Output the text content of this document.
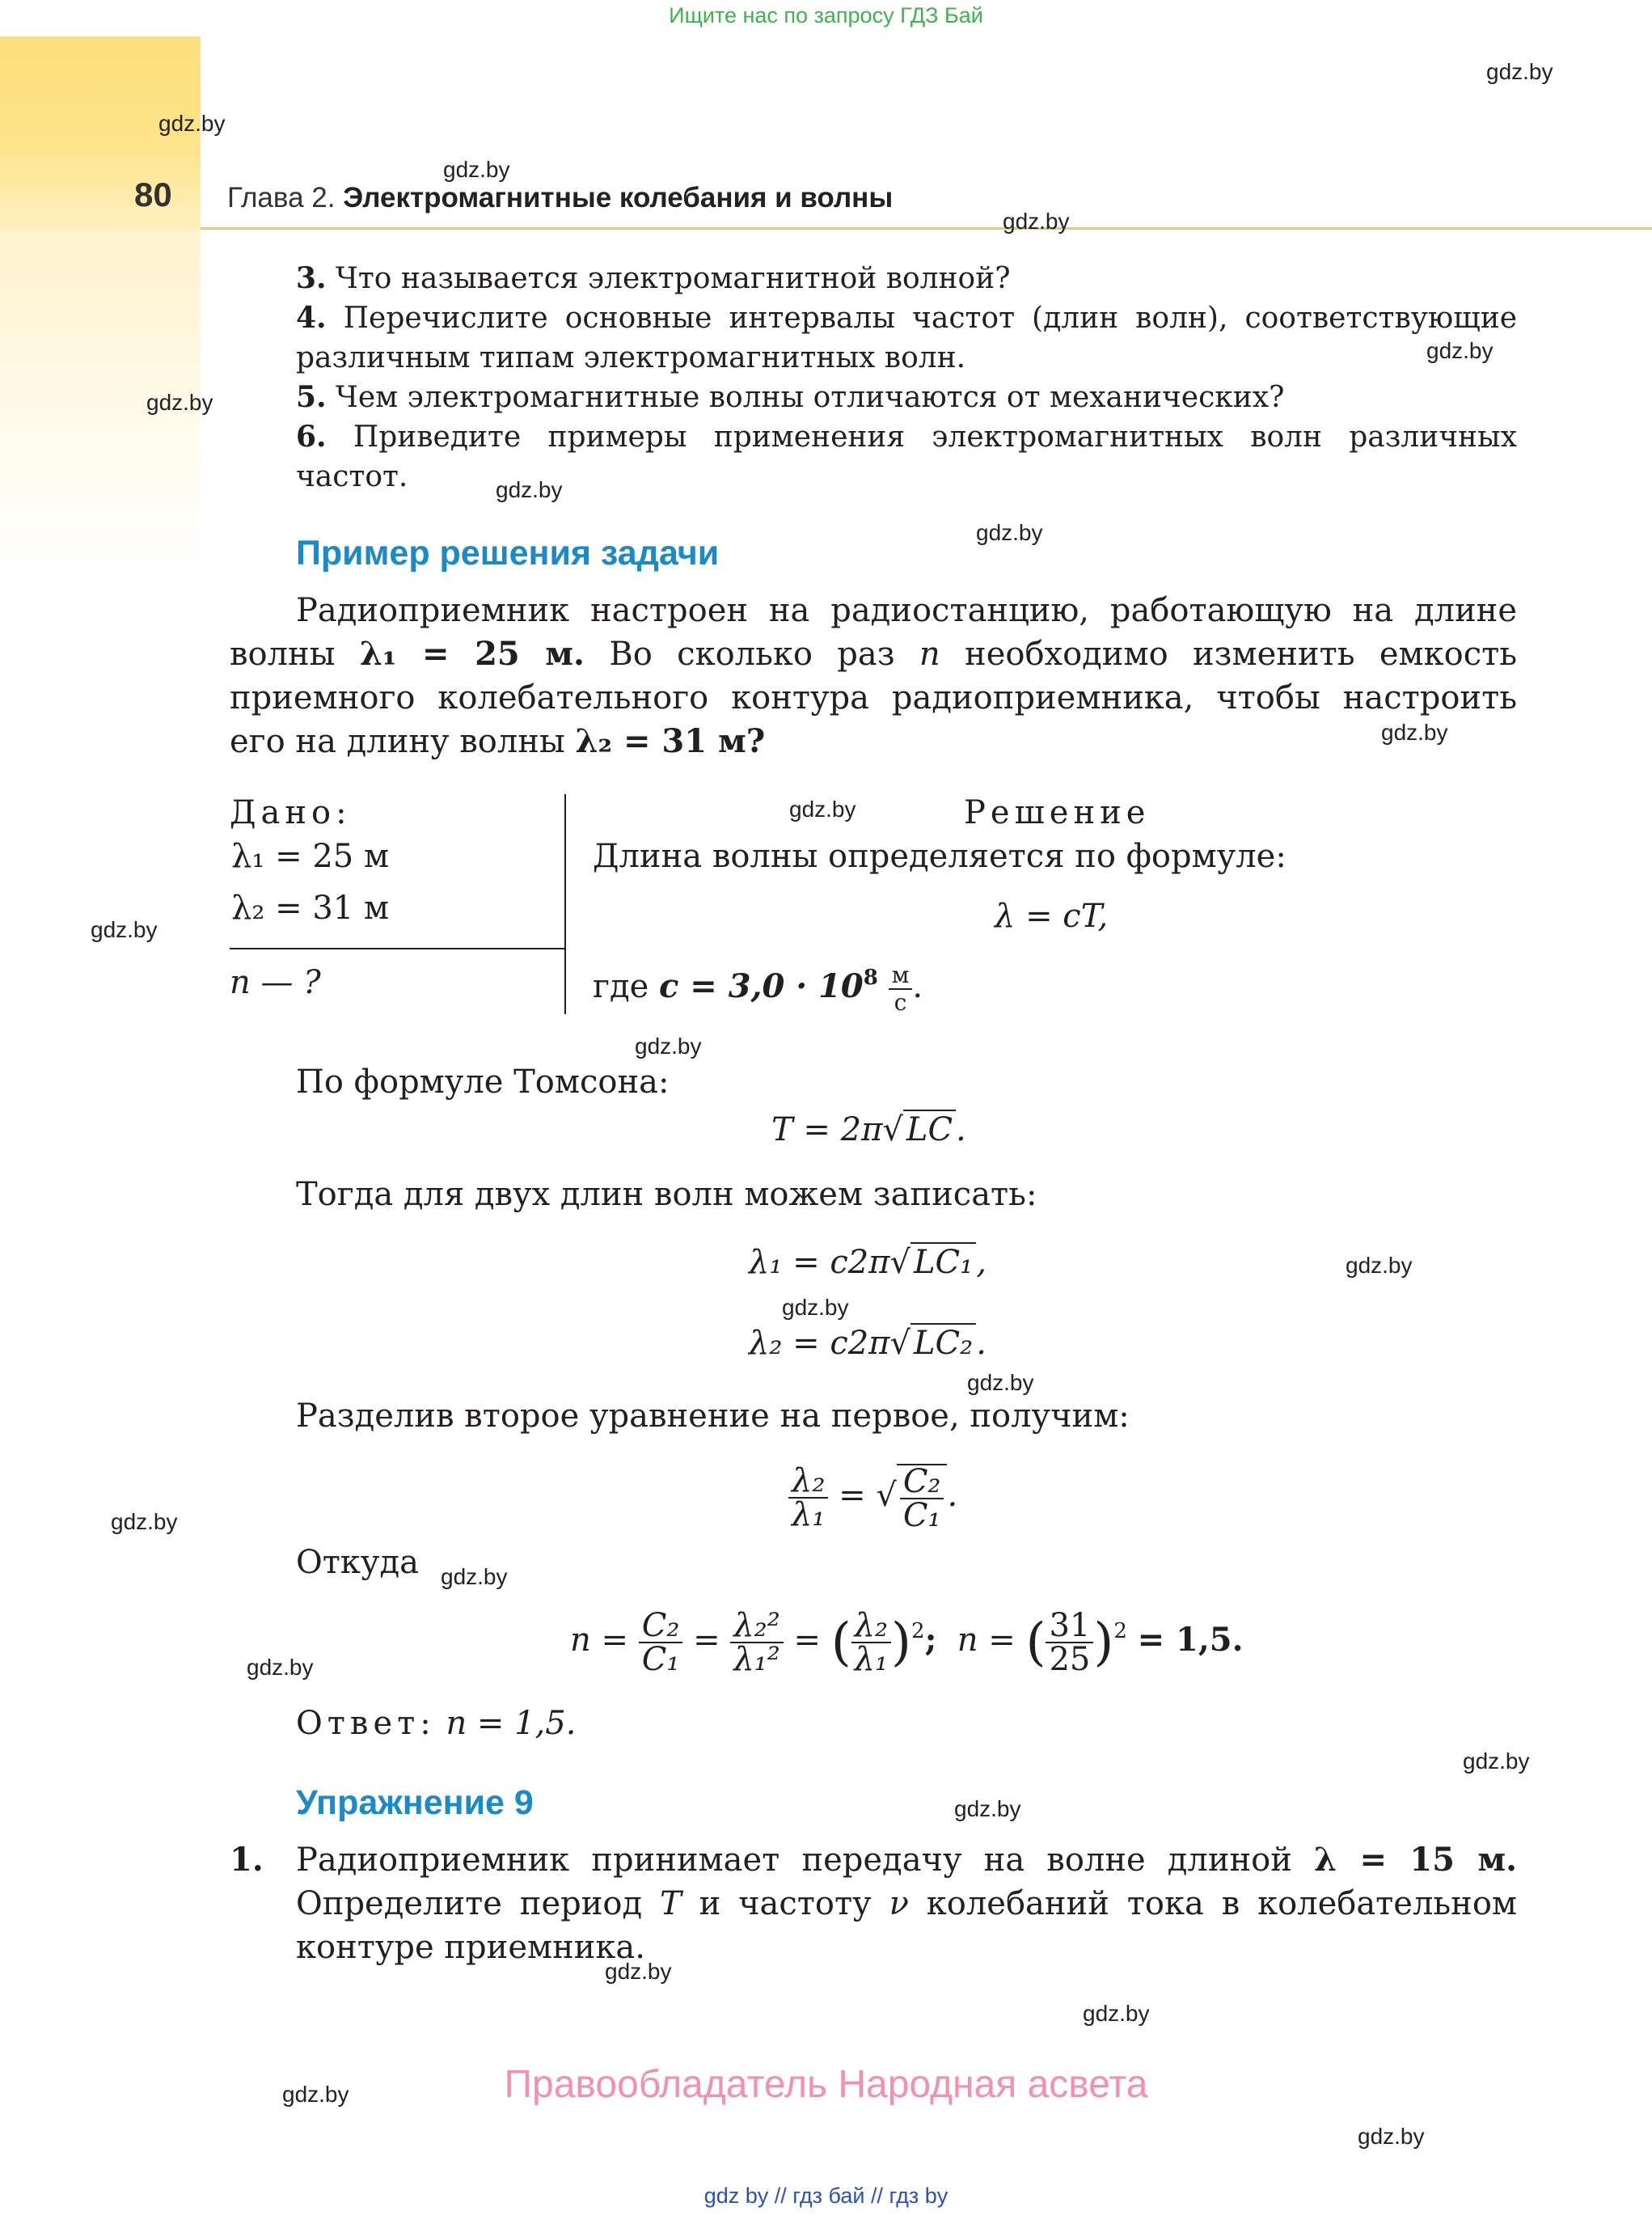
Ищите нас по запросу ГДЗ Бай
80 Глава 2. Электромагнитные колебания и волны
gdz.by
gdz.by
gdz.by
gdz.by
gdz.by
gdz.by
gdz.by
gdz.by
gdz.by
gdz.by
gdz.by
gdz.by
gdz.by
gdz.by
gdz.by
gdz.by
gdz.by
gdz.by
gdz.by
gdz.by
gdz.by
gdz.by
gdz.by
gdz.by
3. Что называется электромагнитной волной?
4. Перечислите основные интервалы частот (длин волн), соответствующие различным типам электромагнитных волн.
5. Чем электромагнитные волны отличаются от механических?
6. Приведите примеры применения электромагнитных волн различных частот.
Пример решения задачи
Радиоприемник настроен на радиостанцию, работающую на длине волны λ₁ = 25 м. Во сколько раз n необходимо изменить емкость приемного колебательного контура радиоприемника, чтобы настроить его на длину волны λ₂ = 31 м?
Дано:
λ₁ = 25 м
λ₂ = 31 м
n — ?
Решение
Длина волны определяется по формуле:
λ = cT,
где $c = 3,0 \cdot 10^8 \frac{м}{с}$ .
По формуле Томсона:
T = 2π√ LC .
Тогда для двух длин волн можем записать:
λ₁ = c2π√ LC₁ ,
λ₂ = c2π√ LC₂ .
Разделив второе уравнение на первое, получим:
$\frac{\text{λ₂}}{\text{λ₁}}$ = √ $\frac{\text{C₂}}{\text{C₁}}$ .
Откуда
$n = \frac{\text{C₂}}{\text{C₁}} = \frac{\text{λ₂²}}{\text{λ₁²}}$ = ( $\frac{\text{λ₂}}{\text{λ₁}} )^2$; n = ( $\frac{31}{25} )^2 = 1,5$.
Ответ: n = 1,5.
Упражнение 9
1. Радиоприемник принимает передачу на волне длиной λ = 15 м. Определите период T и частоту ν колебаний тока в колебательном контуре приемника.
Правообладатель Народная асвета
gdz by // гдз бай // гдз by
